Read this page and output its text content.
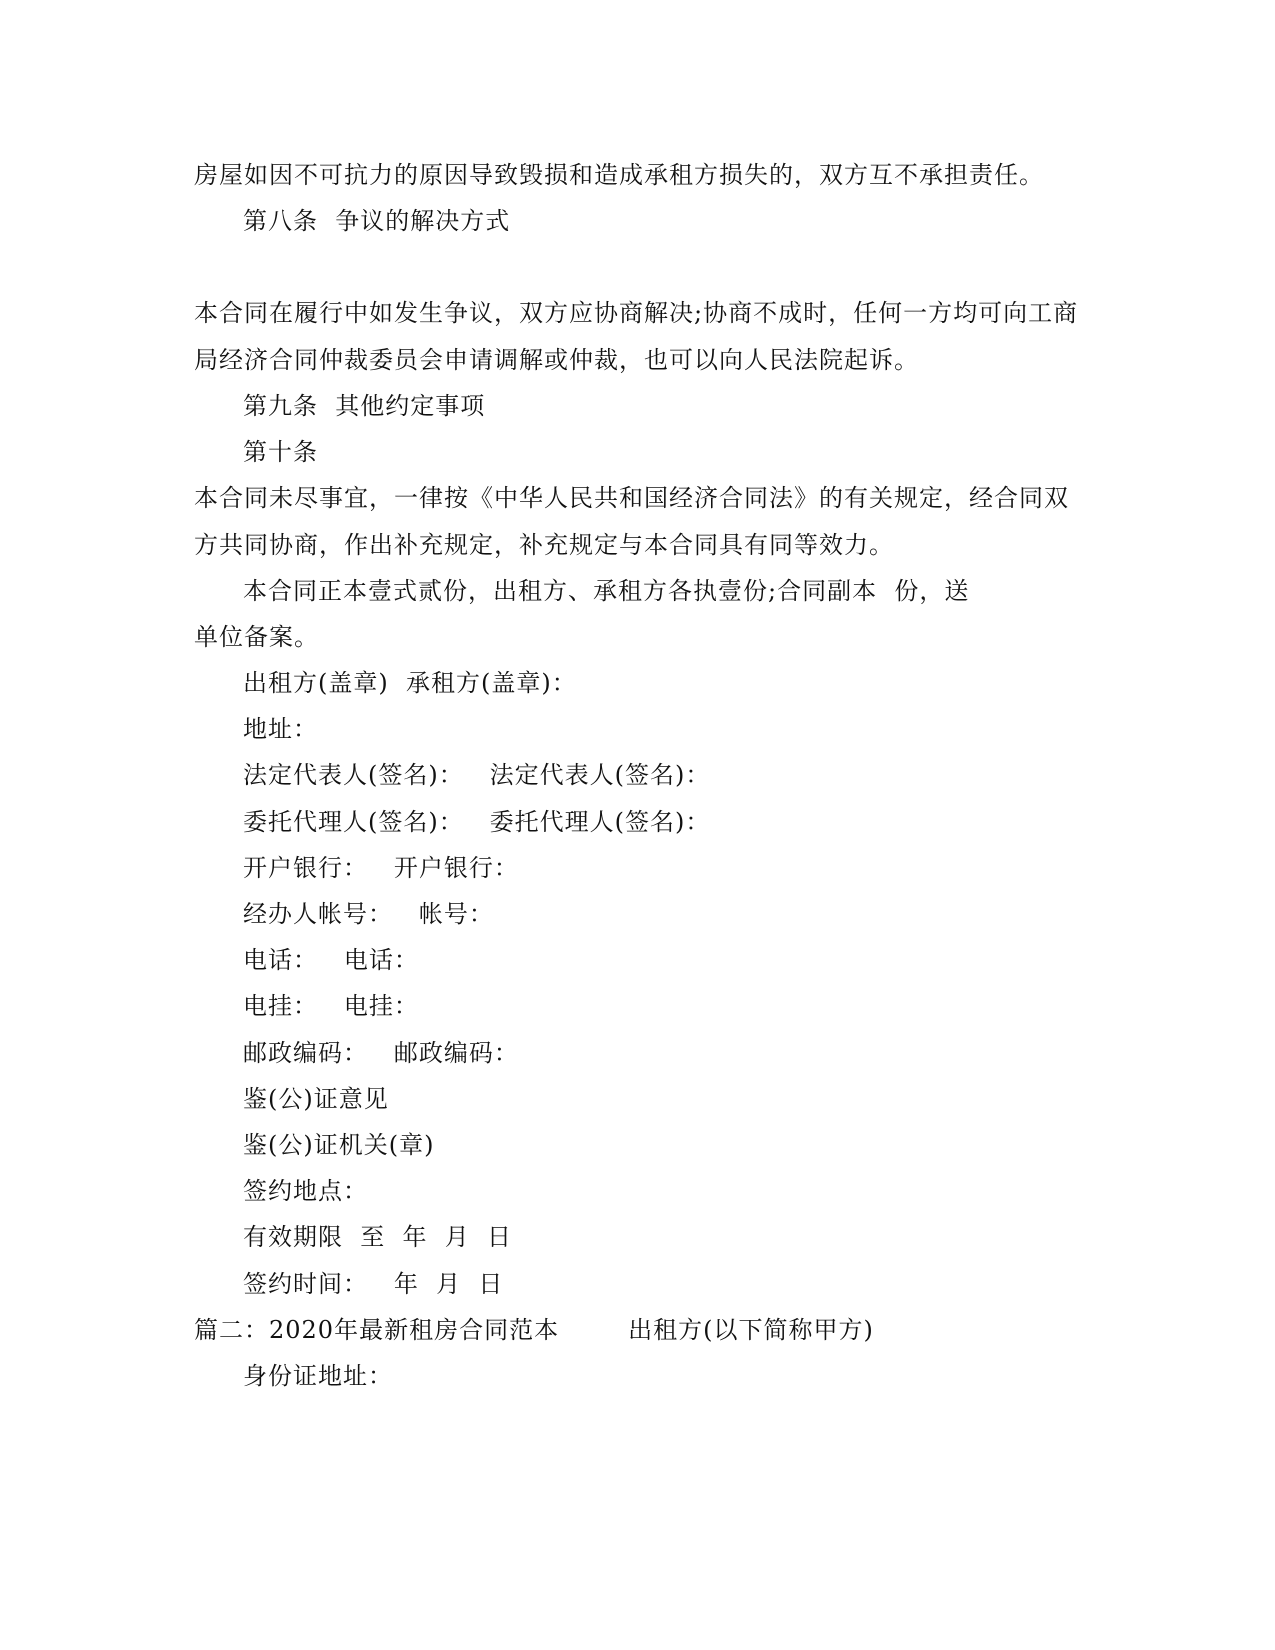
房屋如因不可抗力的原因导致毁损和造成承租方损失的，双方互不承担责任。
第八条  争议的解决方式
本合同在履行中如发生争议，双方应协商解决;协商不成时，任何一方均可向工商
局经济合同仲裁委员会申请调解或仲裁，也可以向人民法院起诉。
第九条  其他约定事项
第十条
本合同未尽事宜，一律按《中华人民共和国经济合同法》的有关规定，经合同双
方共同协商，作出补充规定，补充规定与本合同具有同等效力。
本合同正本壹式贰份，出租方、承租方各执壹份;合同副本  份，送
单位备案。
出租方(盖章)  承租方(盖章)：
地址：
法定代表人(签名)：   法定代表人(签名)：
委托代理人(签名)：   委托代理人(签名)：
开户银行：   开户银行：
经办人帐号：   帐号：
电话：   电话：
电挂：   电挂：
邮政编码：   邮政编码：
鉴(公)证意见
鉴(公)证机关(章)
签约地点：
有效期限  至  年  月  日
签约时间：   年  月  日
篇二：2020年最新租房合同范本        出租方(以下简称甲方)
身份证地址：
